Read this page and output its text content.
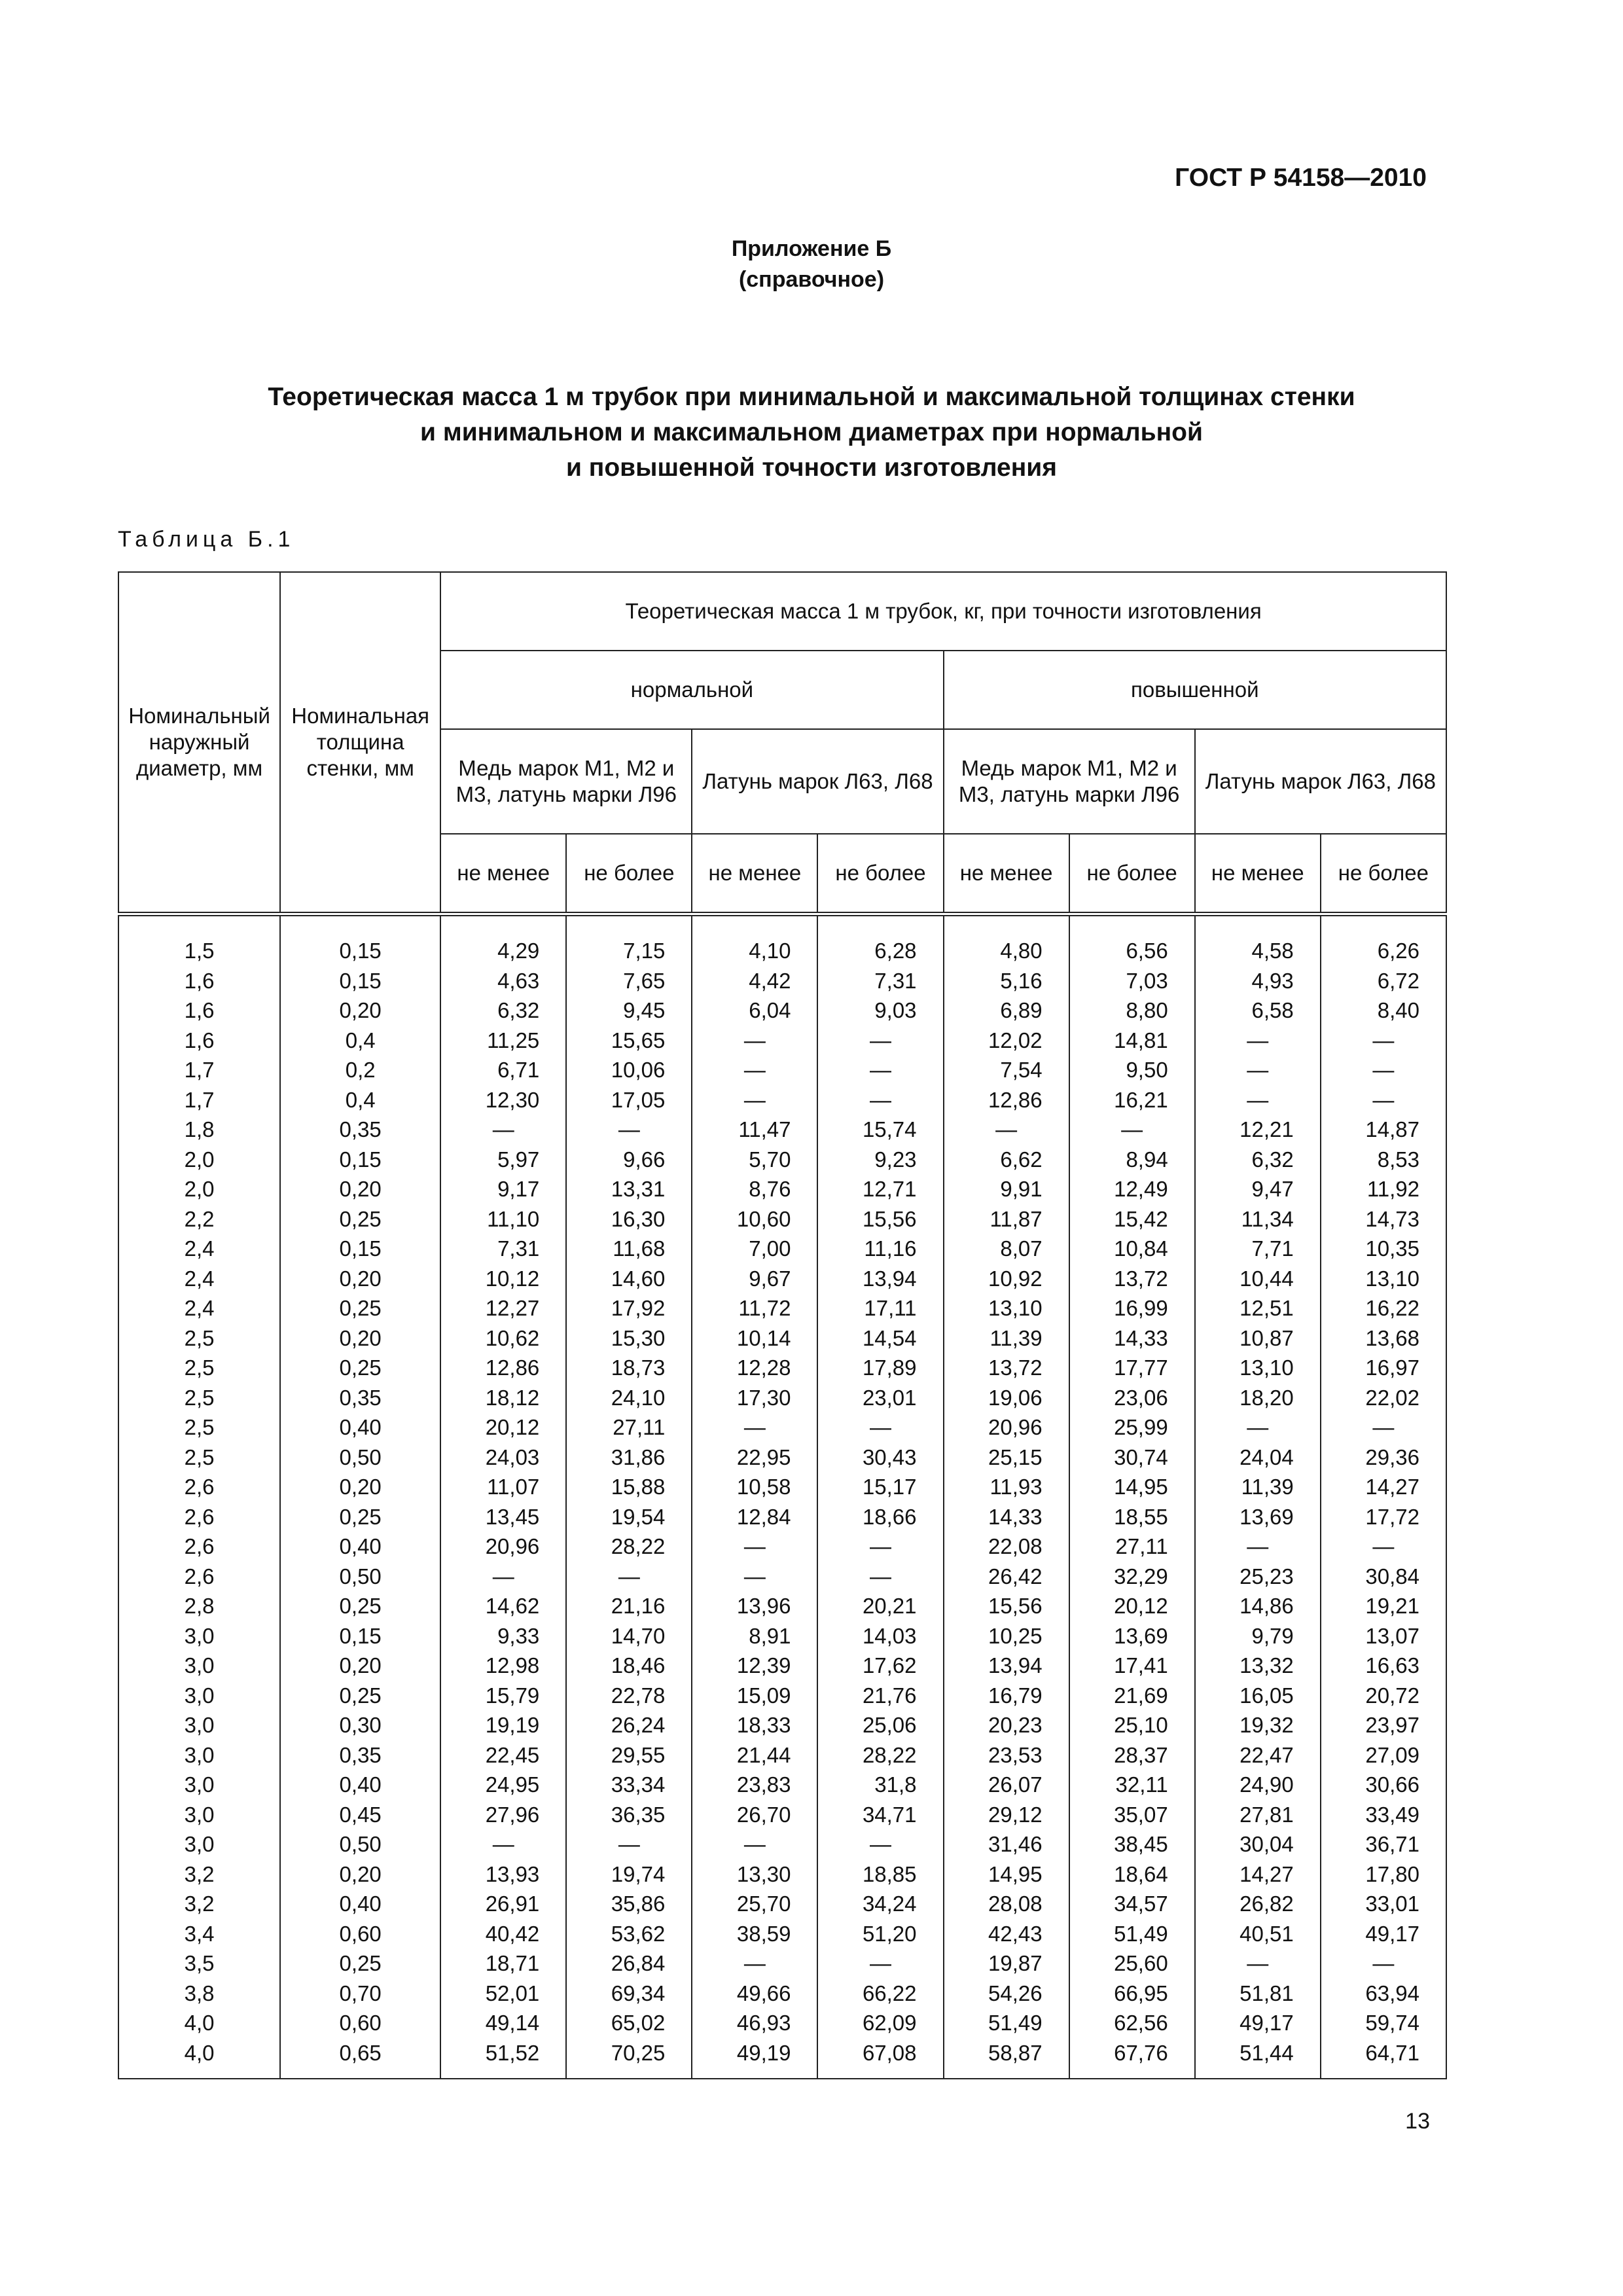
ГОСТ Р 54158—2010
Приложение Б
(справочное)
Теоретическая масса 1 м трубок при минимальной и максимальной толщинах стенки
и минимальном и максимальном диаметрах при нормальной
и повышенной точности изготовления
Таблица Б.1
Номинальный наружный диаметр, мм	Номинальная толщина стенки, мм	Теоретическая масса 1 м трубок, кг, при точности изготовления							
		нормальной				повышенной			
		Медь марок М1, М2 и М3, латунь марки Л96		Латунь марок Л63, Л68		Медь марок М1, М2 и М3, латунь марки Л96		Латунь марок Л63, Л68	
		не менее	не более	не менее	не более	не менее	не более	не менее	не более
1,5	0,15	4,29	7,15	4,10	6,28	4,80	6,56	4,58	6,26
1,6	0,15	4,63	7,65	4,42	7,31	5,16	7,03	4,93	6,72
1,6	0,20	6,32	9,45	6,04	9,03	6,89	8,80	6,58	8,40
1,6	0,4	11,25	15,65	—	—	12,02	14,81	—	—
1,7	0,2	6,71	10,06	—	—	7,54	9,50	—	—
1,7	0,4	12,30	17,05	—	—	12,86	16,21	—	—
1,8	0,35	—	—	11,47	15,74	—	—	12,21	14,87
2,0	0,15	5,97	9,66	5,70	9,23	6,62	8,94	6,32	8,53
2,0	0,20	9,17	13,31	8,76	12,71	9,91	12,49	9,47	11,92
2,2	0,25	11,10	16,30	10,60	15,56	11,87	15,42	11,34	14,73
2,4	0,15	7,31	11,68	7,00	11,16	8,07	10,84	7,71	10,35
2,4	0,20	10,12	14,60	9,67	13,94	10,92	13,72	10,44	13,10
2,4	0,25	12,27	17,92	11,72	17,11	13,10	16,99	12,51	16,22
2,5	0,20	10,62	15,30	10,14	14,54	11,39	14,33	10,87	13,68
2,5	0,25	12,86	18,73	12,28	17,89	13,72	17,77	13,10	16,97
2,5	0,35	18,12	24,10	17,30	23,01	19,06	23,06	18,20	22,02
2,5	0,40	20,12	27,11	—	—	20,96	25,99	—	—
2,5	0,50	24,03	31,86	22,95	30,43	25,15	30,74	24,04	29,36
2,6	0,20	11,07	15,88	10,58	15,17	11,93	14,95	11,39	14,27
2,6	0,25	13,45	19,54	12,84	18,66	14,33	18,55	13,69	17,72
2,6	0,40	20,96	28,22	—	—	22,08	27,11	—	—
2,6	0,50	—	—	—	—	26,42	32,29	25,23	30,84
2,8	0,25	14,62	21,16	13,96	20,21	15,56	20,12	14,86	19,21
3,0	0,15	9,33	14,70	8,91	14,03	10,25	13,69	9,79	13,07
3,0	0,20	12,98	18,46	12,39	17,62	13,94	17,41	13,32	16,63
3,0	0,25	15,79	22,78	15,09	21,76	16,79	21,69	16,05	20,72
3,0	0,30	19,19	26,24	18,33	25,06	20,23	25,10	19,32	23,97
3,0	0,35	22,45	29,55	21,44	28,22	23,53	28,37	22,47	27,09
3,0	0,40	24,95	33,34	23,83	31,8	26,07	32,11	24,90	30,66
3,0	0,45	27,96	36,35	26,70	34,71	29,12	35,07	27,81	33,49
3,0	0,50	—	—	—	—	31,46	38,45	30,04	36,71
3,2	0,20	13,93	19,74	13,30	18,85	14,95	18,64	14,27	17,80
3,2	0,40	26,91	35,86	25,70	34,24	28,08	34,57	26,82	33,01
3,4	0,60	40,42	53,62	38,59	51,20	42,43	51,49	40,51	49,17
3,5	0,25	18,71	26,84	—	—	19,87	25,60	—	—
3,8	0,70	52,01	69,34	49,66	66,22	54,26	66,95	51,81	63,94
4,0	0,60	49,14	65,02	46,93	62,09	51,49	62,56	49,17	59,74
4,0	0,65	51,52	70,25	49,19	67,08	58,87	67,76	51,44	64,71
13
